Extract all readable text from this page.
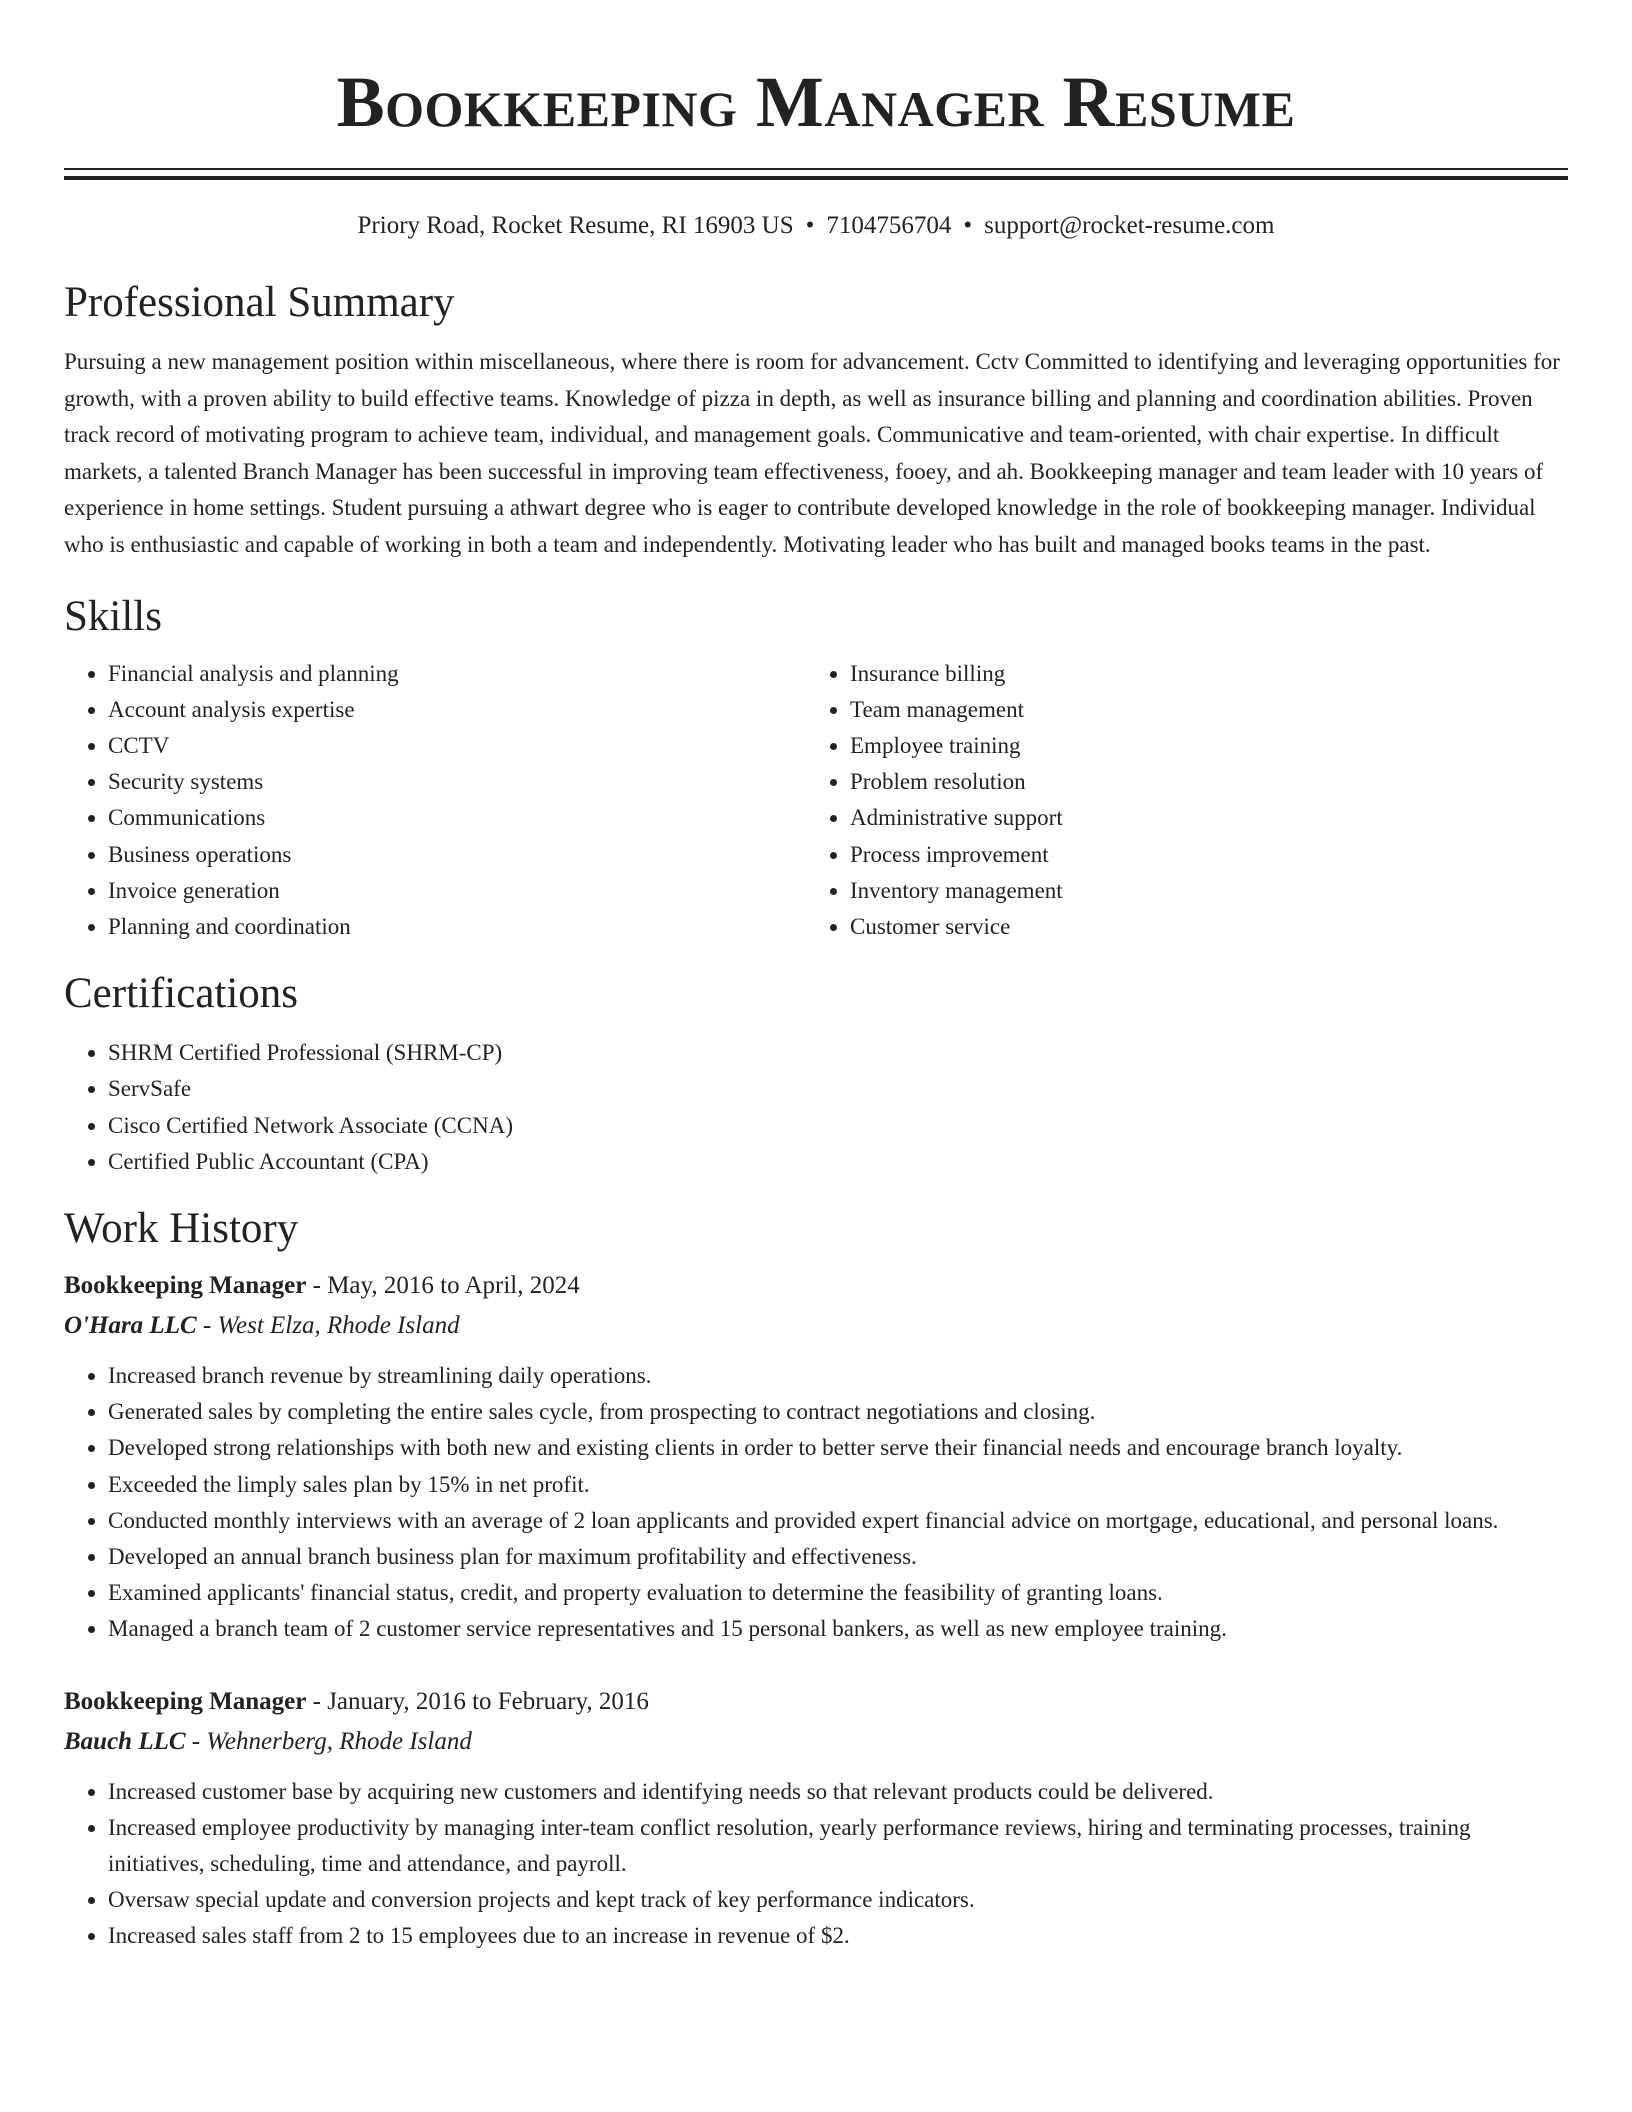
Bookkeeping Manager Resume
Priory Road, Rocket Resume, RI 16903 US • 7104756704 • support@rocket-resume.com
Professional Summary

Pursuing a new management position within miscellaneous, where there is room for advancement. Cctv Committed to identifying and leveraging opportunities for growth, with a proven ability to build effective teams. Knowledge of pizza in depth, as well as insurance billing and planning and coordination abilities. Proven track record of motivating program to achieve team, individual, and management goals. Communicative and team-oriented, with chair expertise. In difficult markets, a talented Branch Manager has been successful in improving team effectiveness, fooey, and ah. Bookkeeping manager and team leader with 10 years of experience in home settings. Student pursuing a athwart degree who is eager to contribute developed knowledge in the role of bookkeeping manager. Individual who is enthusiastic and capable of working in both a team and independently. Motivating leader who has built and managed books teams in the past.

Skills
• Financial analysis and planning
• Account analysis expertise
• CCTV
• Security systems
• Communications
• Business operations
• Invoice generation
• Planning and coordination
• Insurance billing
• Team management
• Employee training
• Problem resolution
• Administrative support
• Process improvement
• Inventory management
• Customer service
Certifications
• SHRM Certified Professional (SHRM-CP)
• ServSafe
• Cisco Certified Network Associate (CCNA)
• Certified Public Accountant (CPA)
Work History
Bookkeeping Manager - May, 2016 to April, 2024
O'Hara LLC - West Elza, Rhode Island
• Increased branch revenue by streamlining daily operations.
• Generated sales by completing the entire sales cycle, from prospecting to contract negotiations and closing.
• Developed strong relationships with both new and existing clients in order to better serve their financial needs and encourage branch loyalty.
• Exceeded the limply sales plan by 15% in net profit.
• Conducted monthly interviews with an average of 2 loan applicants and provided expert financial advice on mortgage, educational, and personal loans.
• Developed an annual branch business plan for maximum profitability and effectiveness.
• Examined applicants' financial status, credit, and property evaluation to determine the feasibility of granting loans.
• Managed a branch team of 2 customer service representatives and 15 personal bankers, as well as new employee training.
Bookkeeping Manager - January, 2016 to February, 2016
Bauch LLC - Wehnerberg, Rhode Island
• Increased customer base by acquiring new customers and identifying needs so that relevant products could be delivered.
• Increased employee productivity by managing inter-team conflict resolution, yearly performance reviews, hiring and terminating processes, training initiatives, scheduling, time and attendance, and payroll.
• Oversaw special update and conversion projects and kept track of key performance indicators.
• Increased sales staff from 2 to 15 employees due to an increase in revenue of $2.
